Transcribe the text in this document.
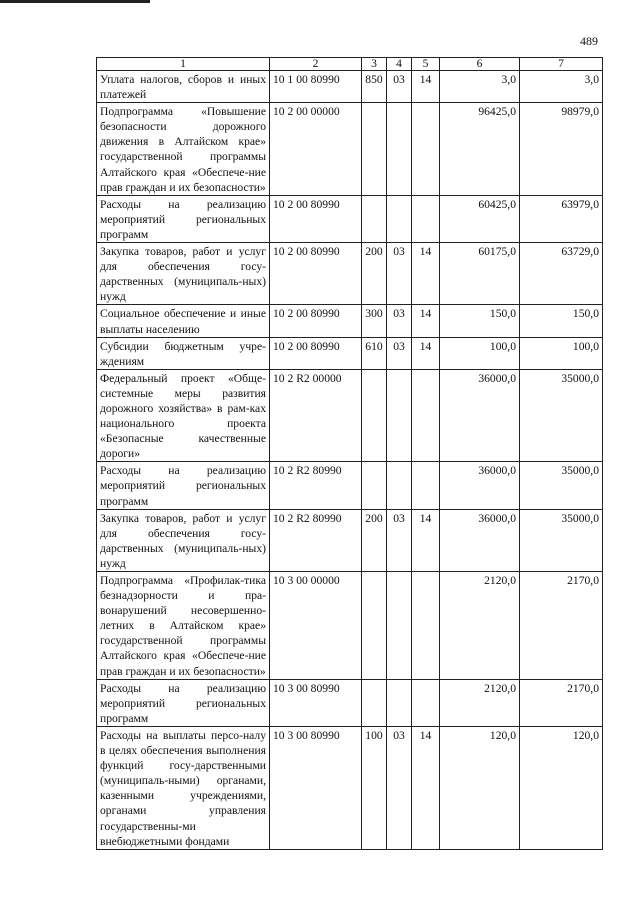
489
1	2	3	4	5	6	7
Уплата налогов, сборов и иных платежей	10 1 00 80990	850	03	14	3,0	3,0
Подпрограмма «Повышение безопасности дорожного движения в Алтайском крае» государственной программы Алтайского края «Обеспече-ние прав граждан и их безопасности»	10 2 00 00000				96425,0	98979,0
Расходы на реализацию мероприятий региональных программ	10 2 00 80990				60425,0	63979,0
Закупка товаров, работ и услуг для обеспечения госу-дарственных (муниципаль-ных) нужд	10 2 00 80990	200	03	14	60175,0	63729,0
Социальное обеспечение и иные выплаты населению	10 2 00 80990	300	03	14	150,0	150,0
Субсидии бюджетным учре-ждениям	10 2 00 80990	610	03	14	100,0	100,0
Федеральный проект «Обще-системные меры развития дорожного хозяйства» в рам-ках национального проекта «Безопасные качественные дороги»	10 2 R2 00000				36000,0	35000,0
Расходы на реализацию мероприятий региональных программ	10 2 R2 80990				36000,0	35000,0
Закупка товаров, работ и услуг для обеспечения госу-дарственных (муниципаль-ных) нужд	10 2 R2 80990	200	03	14	36000,0	35000,0
Подпрограмма «Профилак-тика безнадзорности и пра-вонарушений несовершенно-летних в Алтайском крае» государственной программы Алтайского края «Обеспече-ние прав граждан и их безопасности»	10 3 00 00000				2120,0	2170,0
Расходы на реализацию мероприятий региональных программ	10 3 00 80990				2120,0	2170,0
Расходы на выплаты персо-налу в целях обеспечения выполнения функций госу-дарственными (муниципаль-ными) органами, казенными учреждениями, органами управления государственны-ми внебюджетными фондами	10 3 00 80990	100	03	14	120,0	120,0
